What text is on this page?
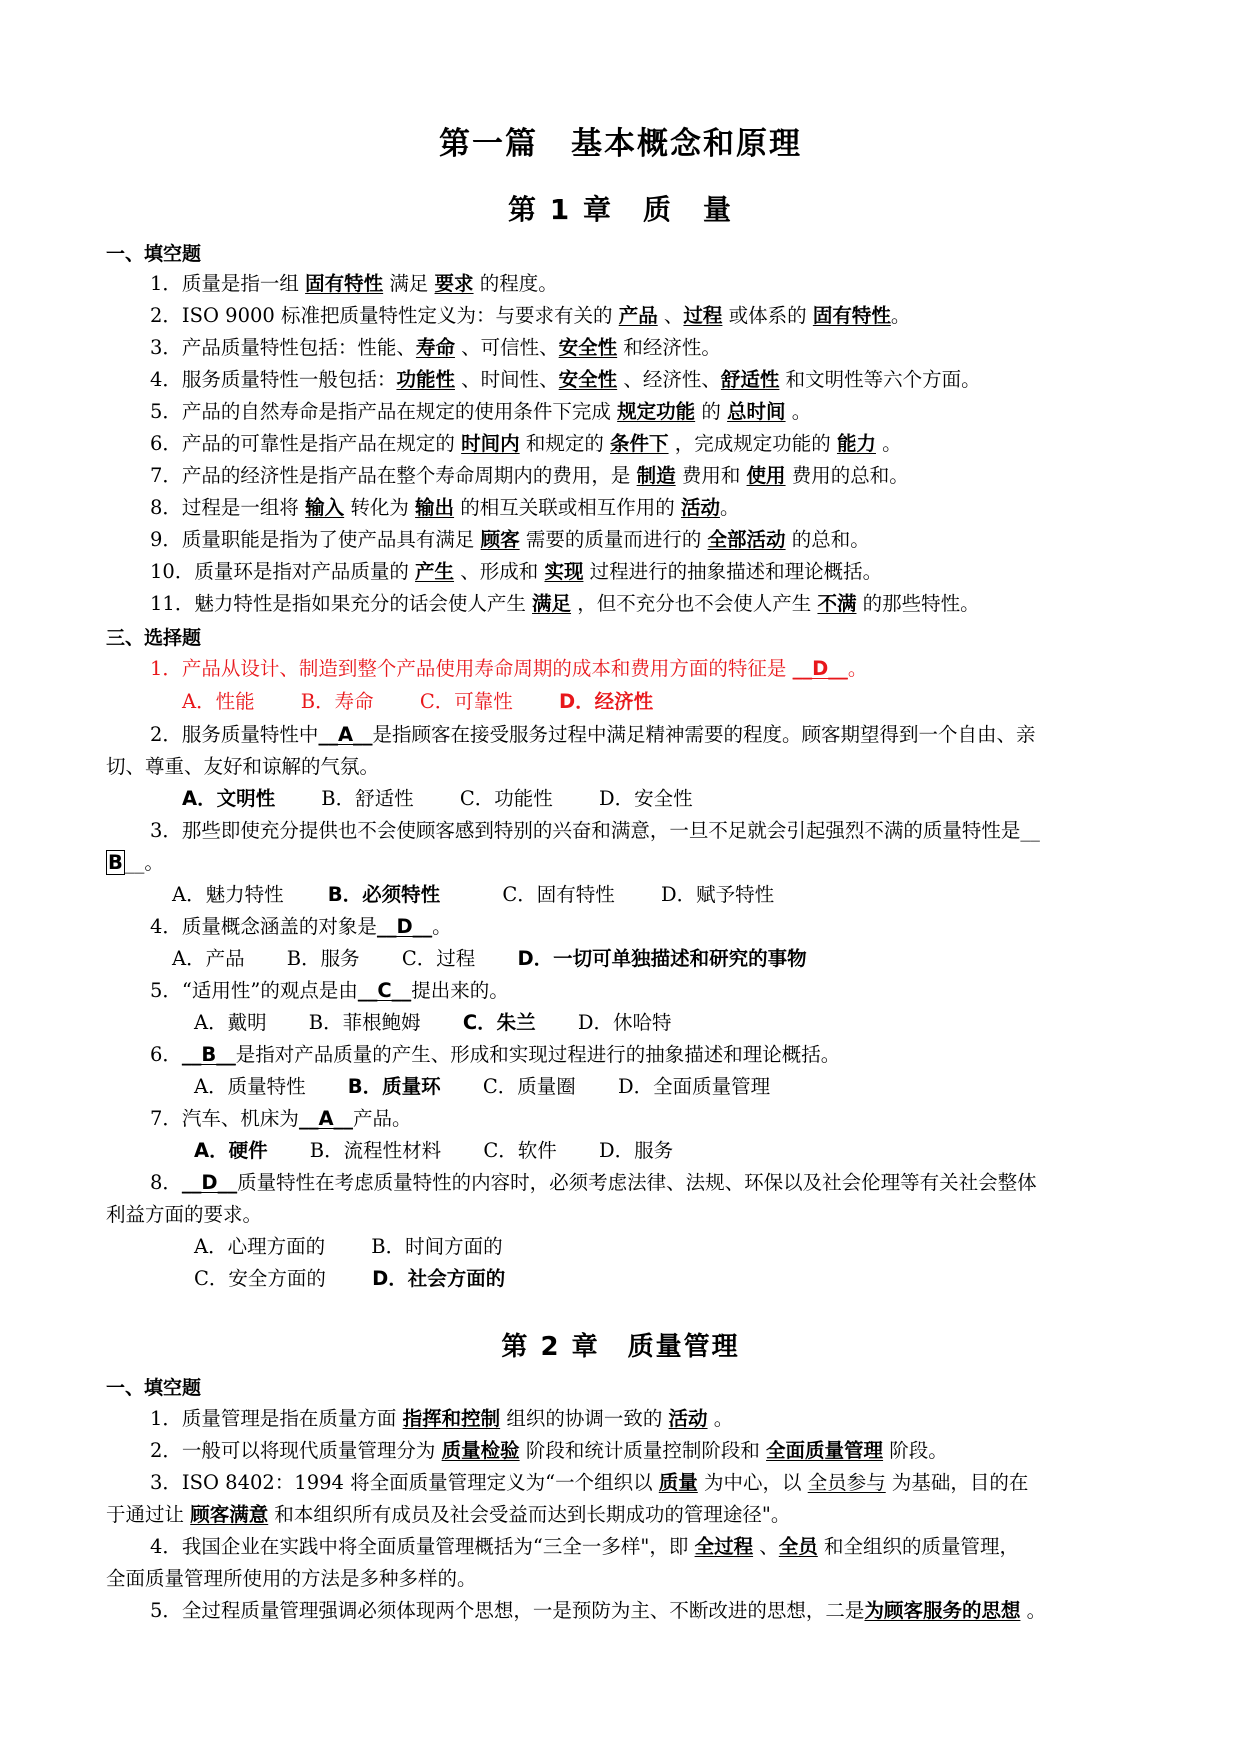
第一篇　基本概念和原理
第 1 章　质　量
一、填空题
1．质量是指一组 固有特性 满足 要求 的程度。
2．ISO 9000 标准把质量特性定义为：与要求有关的 产品 、过程 或体系的 固有特性。
3．产品质量特性包括：性能、寿命 、可信性、安全性 和经济性。
4．服务质量特性一般包括：功能性 、时间性、安全性 、经济性、舒适性 和文明性等六个方面。
5．产品的自然寿命是指产品在规定的使用条件下完成 规定功能 的 总时间 。
6．产品的可靠性是指产品在规定的 时间内 和规定的 条件下 ，完成规定功能的 能力 。
7．产品的经济性是指产品在整个寿命周期内的费用，是 制造 费用和 使用 费用的总和。
8．过程是一组将 输入 转化为 输出 的相互关联或相互作用的 活动。
9．质量职能是指为了使产品具有满足 顾客 需要的质量而进行的 全部活动 的总和。
10．质量环是指对产品质量的 产生 、形成和 实现 过程进行的抽象描述和理论概括。
11．魅力特性是指如果充分的话会使人产生 满足 ，但不充分也不会使人产生 不满 的那些特性。
三、选择题
1．产品从设计、制造到整个产品使用寿命周期的成本和费用方面的特征是 __D__。
A．性能 B．寿命 C．可靠性 D．经济性
2．服务质量特性中__A__是指顾客在接受服务过程中满足精神需要的程度。顾客期望得到一个自由、亲
切、尊重、友好和谅解的气氛。
A．文明性 B．舒适性 C．功能性 D．安全性
3．那些即使充分提供也不会使顾客感到特别的兴奋和满意，一旦不足就会引起强烈不满的质量特性是__
B __。
A．魅力特性 B．必须特性	C．固有特性 D．赋予特性
4．质量概念涵盖的对象是__D__。
A．产品 B．服务 C．过程 D．一切可单独描述和研究的事物
5．“适用性”的观点是由__C__提出来的。
A．戴明 B．菲根鲍姆 C．朱兰 D．休哈特
6．__B__是指对产品质量的产生、形成和实现过程进行的抽象描述和理论概括。
A．质量特性 B．质量环 C．质量圈 D．全面质量管理
7．汽车、机床为__A__产品。
A．硬件 B．流程性材料 C．软件 D．服务
8．__D__质量特性在考虑质量特性的内容时，必须考虑法律、法规、环保以及社会伦理等有关社会整体
利益方面的要求。
A．心理方面的 B．时间方面的
C．安全方面的 D．社会方面的
第 2 章　质量管理
一、填空题
1．质量管理是指在质量方面 指挥和控制 组织的协调一致的 活动 。
2．一般可以将现代质量管理分为 质量检验 阶段和统计质量控制阶段和 全面质量管理 阶段。
3．ISO 8402：1994 将全面质量管理定义为“一个组织以 质量 为中心，以 全员参与 为基础，目的在
于通过让 顾客满意 和本组织所有成员及社会受益而达到长期成功的管理途径"。
4．我国企业在实践中将全面质量管理概括为“三全一多样"，即 全过程 、全员 和全组织的质量管理，
全面质量管理所使用的方法是多种多样的。
5．全过程质量管理强调必须体现两个思想，一是预防为主、不断改进的思想，二是为顾客服务的思想 。
